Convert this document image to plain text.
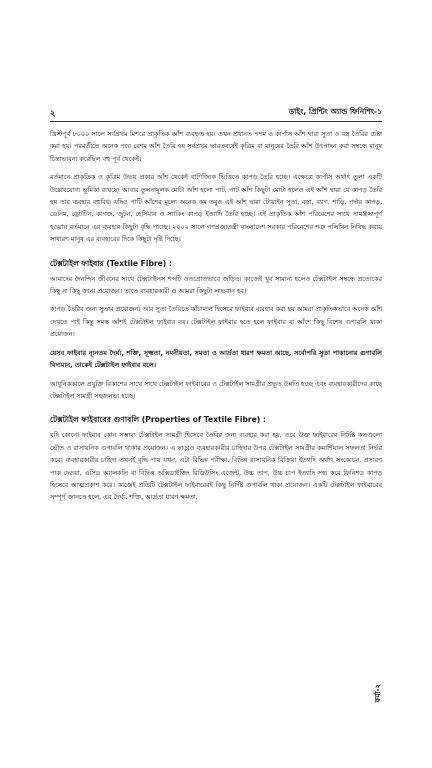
২	ডাইং, প্রিন্টিং অ্যান্ড ফিনিশিং-১

খ্রিস্টপূর্ব ৮০০০ সালে সর্বপ্রথম মিশরে প্রাকৃতিক আঁশ ব্যবহৃত হয়। তখন প্রধানত পশম ও কার্পাস আঁশ দ্বারা সুতা ও বস্ত্র তৈরির চেষ্টা করা হয়। পরবর্তীতে অনেক পরে রেশম আঁশ তৈরি হয় সর্বপ্রথম ভারতবর্ষেই কৃত্রিম বা মানুষের তৈরি আঁশ উৎপাদন করা সম্বন্ধে মানুষ চিন্তাভাবনা করেছিল বহু পূর্ব থেকেই।

বর্তমানে প্রাকৃতিক ও কৃত্রিম উভয় প্রকার আঁশ থেকেই বাণিজ্যিক ভিত্তিতে কাপড় তৈরি হচ্ছে। এক্ষেত্রে কার্পাস অর্থাৎ তুলা একটি উল্লেখযোগ্য ভূমিকা রাখছে। আবার তুলনামূলক মোটা আঁশ হলো পাট, পাট আঁশ কিছুটা মোটা হলেও এই আঁশ দ্বারা যে কাপড় তৈরি হয় তার ব্যবহার বহুবিধ। যদিও পাটি আঁশের মূল্যে অনেক কম তবুও এই আঁশ দ্বারা টোয়াইন সুতা, বস্তা, ব্যাগ, শাড়ি, পর্দার কাপড়, ডেনিম, ড্রেটটিন, কাগজ, জুটন, হেসিয়ান ও স্যাকিং কাপড় ইত্যাদি তৈরি হচ্ছে। এই প্রাকৃতিক আঁশ পরিবেশের সাথে সামঞ্জস্যপূর্ণ হওয়ার বর্তমানে এর ব্যবহার কিছুটা বৃদ্ধি পাচ্ছে। ২০০২ সালে গণপ্রজাতন্ত্রী বাংলাদেশ সরকার পরিবেশের শত্রু পলিথিন নিষিদ্ধ করায় সাধারণ মানুষ এর ব্যবহারের দিকে কিছুটা দৃষ্টি দিচ্ছে।

টেক্সটাইল ফাইবার (Textile Fibre) :

আমাদের দৈনন্দিন জীবনের সাথে টেক্সটাইলস শব্দটি ওতপ্রোতভাবে জড়িত। কাজেই খুব সামান্য হলেও টেক্সটাইল সম্বন্ধে প্রত্যেকের কিছু না কিছু জানা প্রয়োজন। তাতে ব্যবহারকারী ও আমরা কিছুটা লাভবান হব।

কাপড় তৈরির জন্য সুতার প্রয়োজন। আর সুতা তৈরিতে কাঁচামাল হিসেবে ফাইবার ব্যবহার করা হয় আমরা প্রাকৃতিকভাবে অনেক আঁশ দেখতে পাই কিন্তু সমস্ত আঁশই টেক্সটাইল ফাইবার নয়। টেক্সটাইল ফাইবার হতে হলে ফাইবার বা আঁশে কিছু বিশেষ গুণাবলি থাকা প্রয়োজন।

যেসব ফাইবার ন্যূনতম দৈর্ঘ্য, শক্তি, সূক্ষ্মতা, নমনীয়তা, সমতা ও আর্দ্রতা ধারণ ক্ষমতা আছে, সর্বোপরি সুতা পাকানোর গুণাবলি বিদ্যমান, তাকেই টেক্সটাইল ফাইবার বলে।

আধুনিককালে প্রযুক্তি বিকাশের সাথে সাথে টেক্সটাইল ফাইবারের ও টেক্সটাইল সামগ্রীর প্রভূত উন্নতি হচ্ছে এবং ব্যবহারকারীদের কাছে টেক্সটাইল সামগ্রী সহজলভ্য হচ্ছে।

টেক্সটাইল ফাইবারের গুণাবলি (Properties of Textile Fibre) :

যদি কোনো ফাইবার কোন সম্ভাব্য টেক্সটাইল সামগ্রী হিসেবে তৈরির জন্য ব্যবহার করা হয়, তবে উক্ত ফাইবারের নির্দিষ্ট কতগুলো ভৌত ও রাসায়নিক গুণাবলি থাকার প্রয়োজন। এ ছাড়াও ব্যবহারকারীর চাহিদার উপর টেক্সটাইল সামগ্রীর কমার্শিয়াল সফলতা নির্ভর করে। ব্যবহারকারীর চাহিদা তখনই বৃদ্ধি পায় যখন, এটা বিভিন্ন পরীক্ষা, বিভিন্ন রাসায়নিক বিক্রিয়া ইত্যাদি অর্থাৎ সংকোচন, প্রসারণ পাক দেওয়া, এসিড অ্যালকলি বা বিভিন্ন অক্সিডাইজিং রিডিউসিং এজেন্ট, উচ্চ তাপ, উচ্চ চাপ ইত্যাদি সহ্য করে ফিনিশড কাপড় হিসেবে আত্মপ্রকাশ করে। কাজেই প্রতিটি টেক্সটাইল ফাইবারেরই কিছু নির্দিষ্ট গুণাবলি থাকা প্রয়োজন। একটি টেক্সটাইল ফাইবারের সম্পূর্ণ জানতে হলে, এর দৈর্ঘ্য, শক্তি, আর্দ্রতা ধারণ ক্ষমতা,

ফর্মা-২
